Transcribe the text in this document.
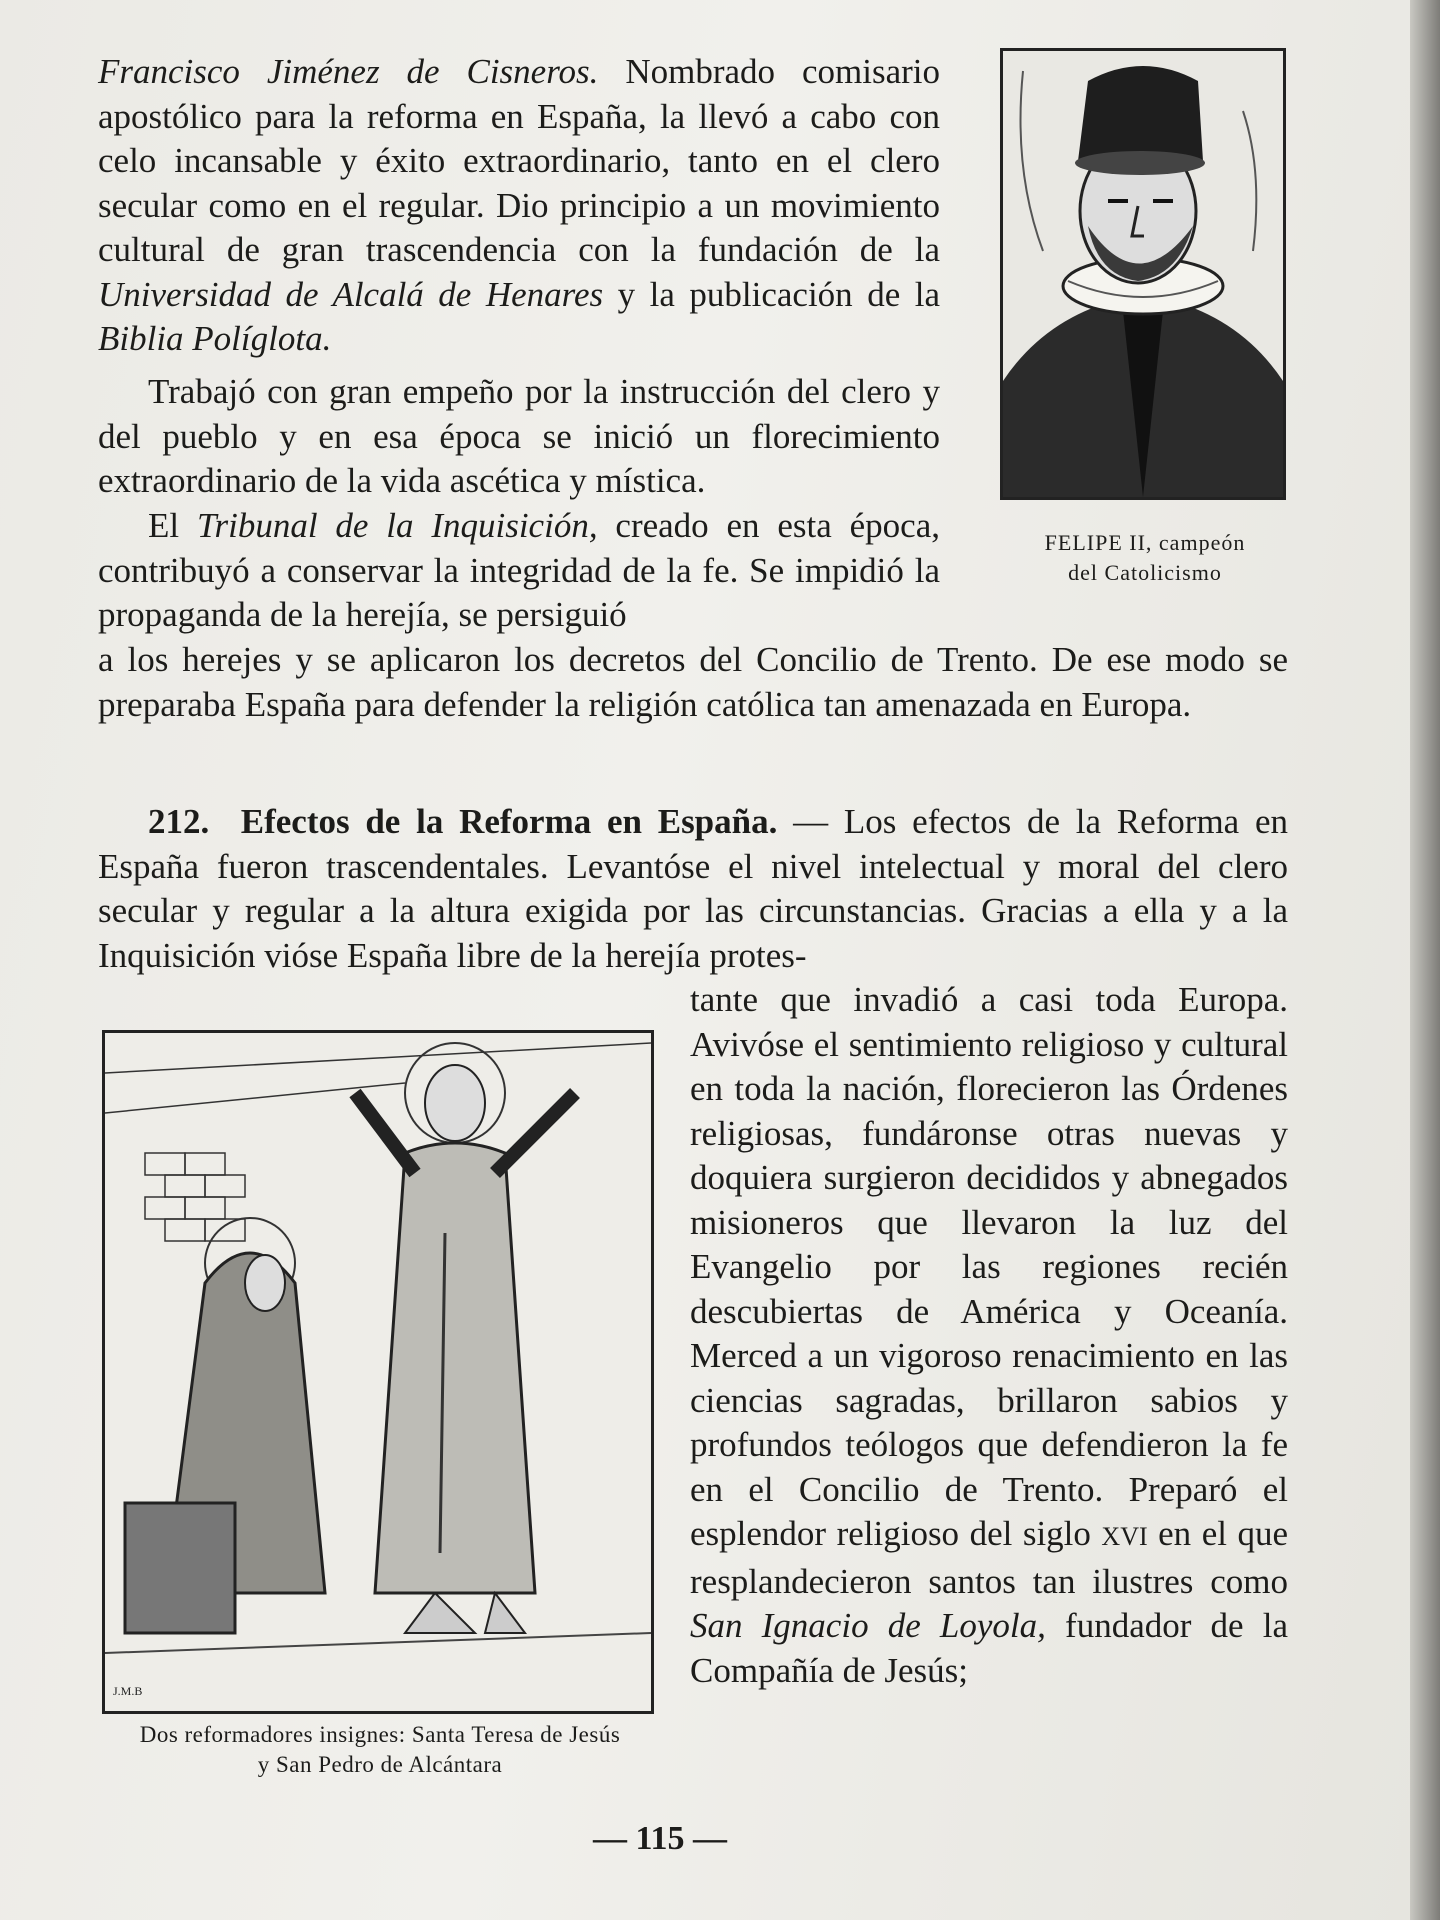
Francisco Jiménez de Cisneros. Nombrado comisario apostólico para la reforma en España, la llevó a cabo con celo incansable y éxito extraordinario, tanto en el clero secular como en el regular. Dio principio a un movimiento cultural de gran trascendencia con la fundación de la Universidad de Alcalá de Henares y la publicación de la Biblia Políglota.

Trabajó con gran empeño por la instrucción del clero y del pueblo y en esa época se inició un florecimiento extraordinario de la vida ascética y mística.

El Tribunal de la Inquisición, creado en esta época, contribuyó a conservar la integridad de la fe. Se impidió la propaganda de la herejía, se persiguió

a los herejes y se aplicaron los decretos del Concilio de Trento. De ese modo se preparaba España para defender la religión católica tan amenazada en Europa.

FELIPE II, campeón
del Catolicismo

212. Efectos de la Reforma en España. — Los efectos de la Reforma en España fueron trascendentales. Levantóse el nivel intelectual y moral del clero secular y regular a la altura exigida por las circunstancias. Gracias a ella y a la Inquisición vióse España libre de la herejía protes-

tante que invadió a casi toda Europa. Avivóse el sentimiento religioso y cultural en toda la nación, florecieron las Órdenes religiosas, fundáronse otras nuevas y doquiera surgieron decididos y abnegados misioneros que llevaron la luz del Evangelio por las regiones recién descubiertas de América y Oceanía. Merced a un vigoroso renacimiento en las ciencias sagradas, brillaron sabios y profundos teólogos que defendieron la fe en el Concilio de Trento. Preparó el esplendor religioso del siglo XVI en el que resplandecieron santos tan ilustres como San Ignacio de Loyola, fundador de la Compañía de Jesús;

J.M.B

Dos reformadores insignes: Santa Teresa de Jesús
y San Pedro de Alcántara

— 115 —
